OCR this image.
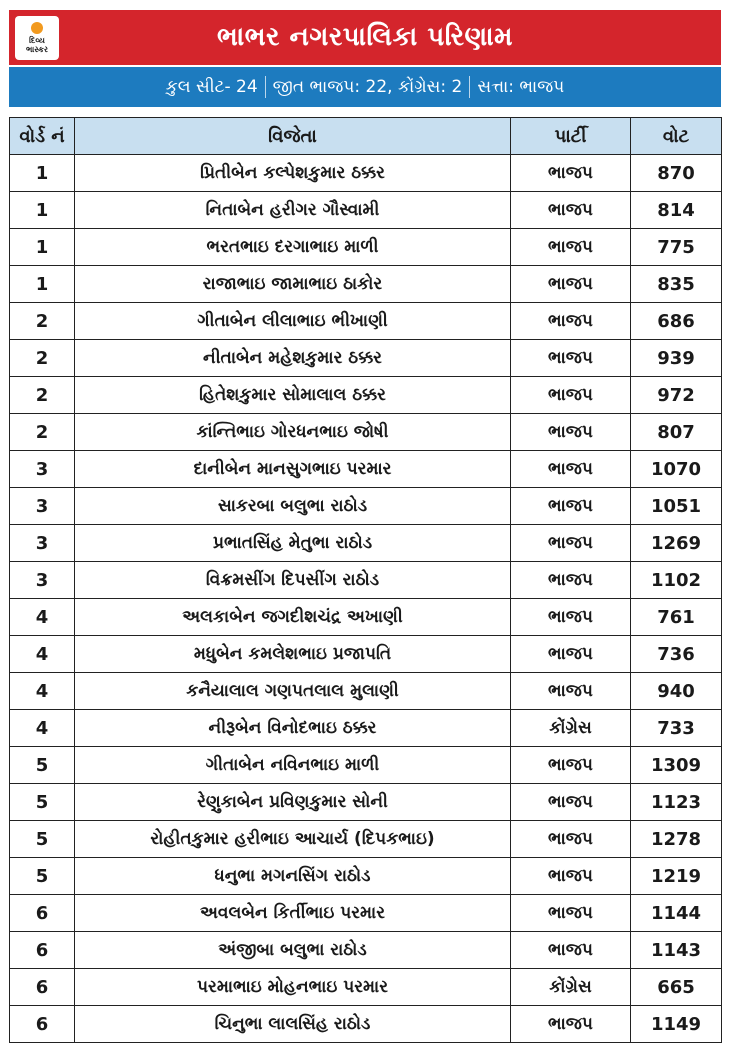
દિવ્ય
ભાસ્કર	ભાભર નગરપાલિકા પરિણામ
કુલ સીટ- 24 જીત ભાજપ: 22, કોંગ્રેસ: 2 સત્તા: ભાજપ
વોર્ડ નં	વિજેતા	પાર્ટી	વોટ
1	પ્રિતીબેન કલ્પેશકુમાર ઠક્કર	ભાજપ	870
1	નિતાબેન હરીગર ગૌસ્વામી	ભાજપ	814
1	ભરતભાઇ દરગાભાઇ માળી	ભાજપ	775
1	રાજાભાઇ જામાભાઇ ઠાકોર	ભાજપ	835
2	ગીતાબેન લીલાભાઇ ભીખાણી	ભાજપ	686
2	નીતાબેન મહેશકુમાર ઠક્કર	ભાજપ	939
2	હિતેશકુમાર સોમાલાલ ઠક્કર	ભાજપ	972
2	કાંન્તિભાઇ ગોરધનભાઇ જોષી	ભાજપ	807
3	દાનીબેન માનસુગભાઇ પરમાર	ભાજપ	1070
3	સાકરબા બલુભા રાઠોડ	ભાજપ	1051
3	પ્રભાતસિંહ મેતુભા રાઠોડ	ભાજપ	1269
3	વિક્રમસીંગ દિપસીંગ રાઠોડ	ભાજપ	1102
4	અલકાબેન જગદીશચંદ્ર અખાણી	ભાજપ	761
4	મધુબેન કમલેશભાઇ પ્રજાપતિ	ભાજપ	736
4	કનૈયાલાલ ગણપતલાલ મુલાણી	ભાજપ	940
4	નીરૂબેન વિનોદભાઇ ઠક્કર	કોંગ્રેસ	733
5	ગીતાબેન નવિનભાઇ માળી	ભાજપ	1309
5	રેણુકાબેન પ્રવિણકુમાર સોની	ભાજપ	1123
5	રોહીતકુમાર હરીભાઇ આચાર્ય (દિપકભાઇ)	ભાજપ	1278
5	ધનુભા મગનસિંગ રાઠોડ	ભાજપ	1219
6	અવલબેન કિર્તીભાઇ પરમાર	ભાજપ	1144
6	અંજીબા બલુભા રાઠોડ	ભાજપ	1143
6	પરમાભાઇ મોહનભાઇ પરમાર	કોંગ્રેસ	665
6	ચિનુભા લાલસિંહ રાઠોડ	ભાજપ	1149
